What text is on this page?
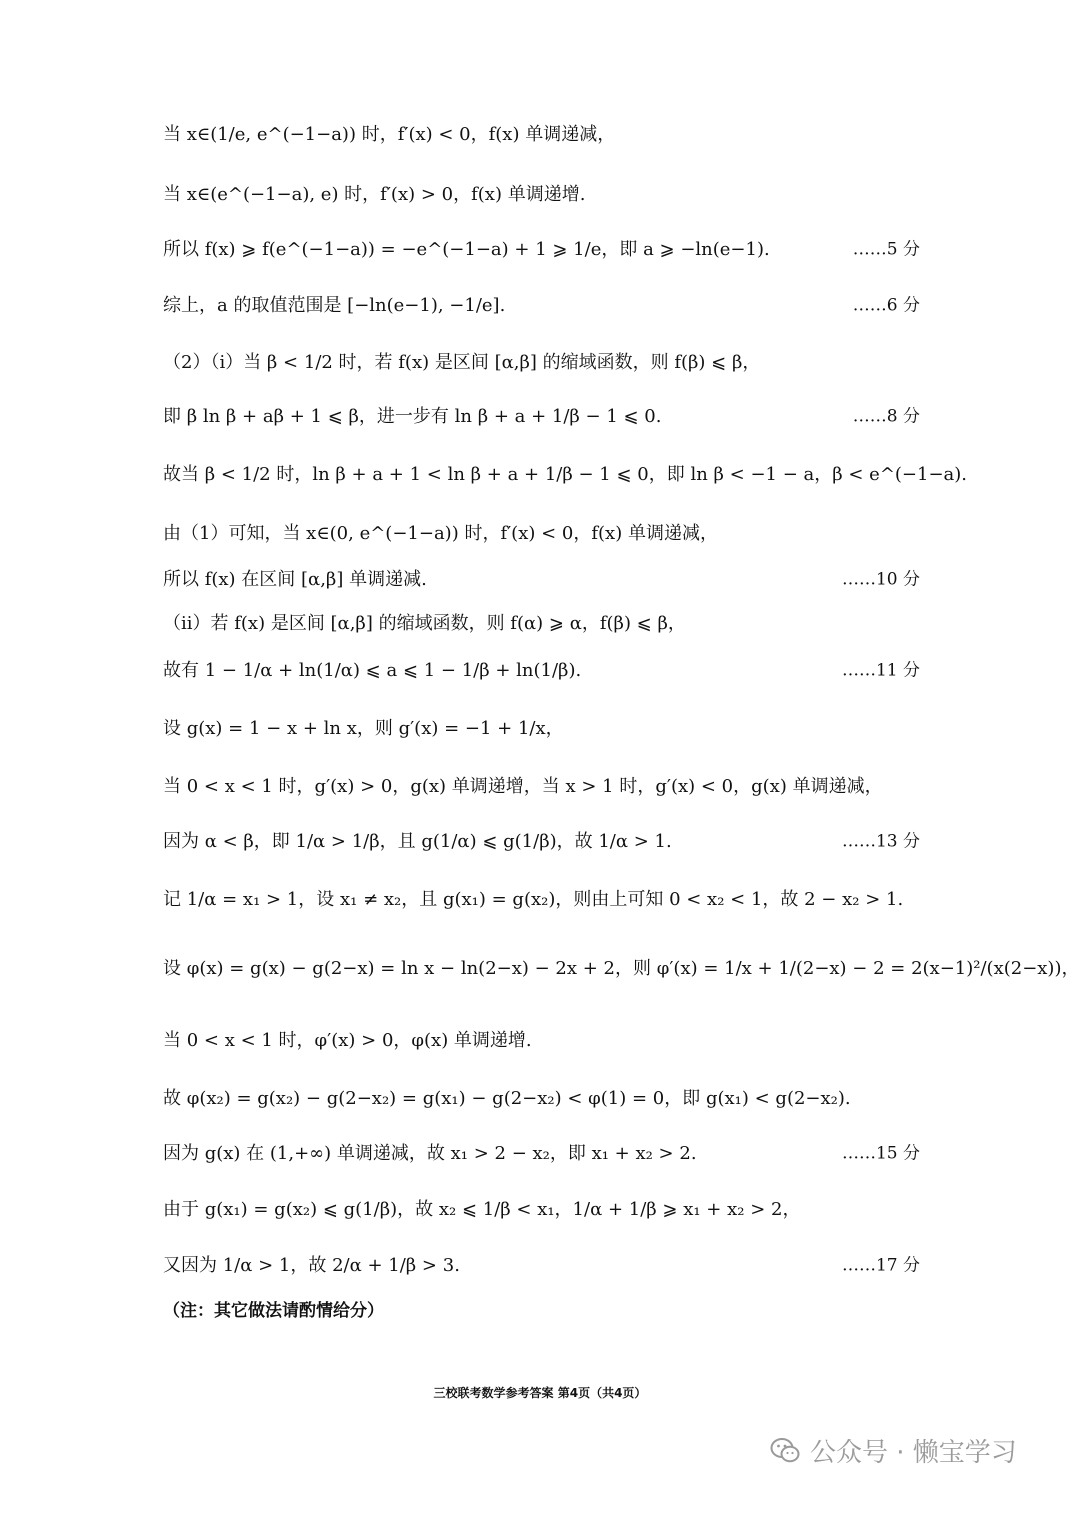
当 x∈(1/e, e^(−1−a)) 时，f′(x) < 0，f(x) 单调递减，
当 x∈(e^(−1−a), e) 时，f′(x) > 0，f(x) 单调递增.
所以 f(x) ⩾ f(e^(−1−a)) = −e^(−1−a) + 1 ⩾ 1/e，即 a ⩾ −ln(e−1).	……5 分
综上，a 的取值范围是 [−ln(e−1), −1/e].	……6 分
（2）（i）当 β < 1/2 时，若 f(x) 是区间 [α,β] 的缩域函数，则 f(β) ⩽ β，
即 β ln β + aβ + 1 ⩽ β，进一步有 ln β + a + 1/β − 1 ⩽ 0.	……8 分
故当 β < 1/2 时，ln β + a + 1 < ln β + a + 1/β − 1 ⩽ 0，即 ln β < −1 − a，β < e^(−1−a).
由（1）可知，当 x∈(0, e^(−1−a)) 时，f′(x) < 0，f(x) 单调递减，
所以 f(x) 在区间 [α,β] 单调递减.	……10 分
（ii）若 f(x) 是区间 [α,β] 的缩域函数，则 f(α) ⩾ α，f(β) ⩽ β，
故有 1 − 1/α + ln(1/α) ⩽ a ⩽ 1 − 1/β + ln(1/β).	……11 分
设 g(x) = 1 − x + ln x，则 g′(x) = −1 + 1/x，
当 0 < x < 1 时，g′(x) > 0，g(x) 单调递增，当 x > 1 时，g′(x) < 0，g(x) 单调递减，
因为 α < β，即 1/α > 1/β，且 g(1/α) ⩽ g(1/β)，故 1/α > 1.	……13 分
记 1/α = x₁ > 1，设 x₁ ≠ x₂，且 g(x₁) = g(x₂)，则由上可知 0 < x₂ < 1，故 2 − x₂ > 1.
设 φ(x) = g(x) − g(2−x) = ln x − ln(2−x) − 2x + 2，则 φ′(x) = 1/x + 1/(2−x) − 2 = 2(x−1)²/(x(2−x))，
当 0 < x < 1 时，φ′(x) > 0，φ(x) 单调递增.
故 φ(x₂) = g(x₂) − g(2−x₂) = g(x₁) − g(2−x₂) < φ(1) = 0，即 g(x₁) < g(2−x₂).
因为 g(x) 在 (1,+∞) 单调递减，故 x₁ > 2 − x₂，即 x₁ + x₂ > 2.	……15 分
由于 g(x₁) = g(x₂) ⩽ g(1/β)，故 x₂ ⩽ 1/β < x₁，1/α + 1/β ⩾ x₁ + x₂ > 2，
又因为 1/α > 1，故 2/α + 1/β > 3.	……17 分
（注：其它做法请酌情给分）
三校联考数学参考答案 第4页（共4页）
公众号 · 懒宝学习
